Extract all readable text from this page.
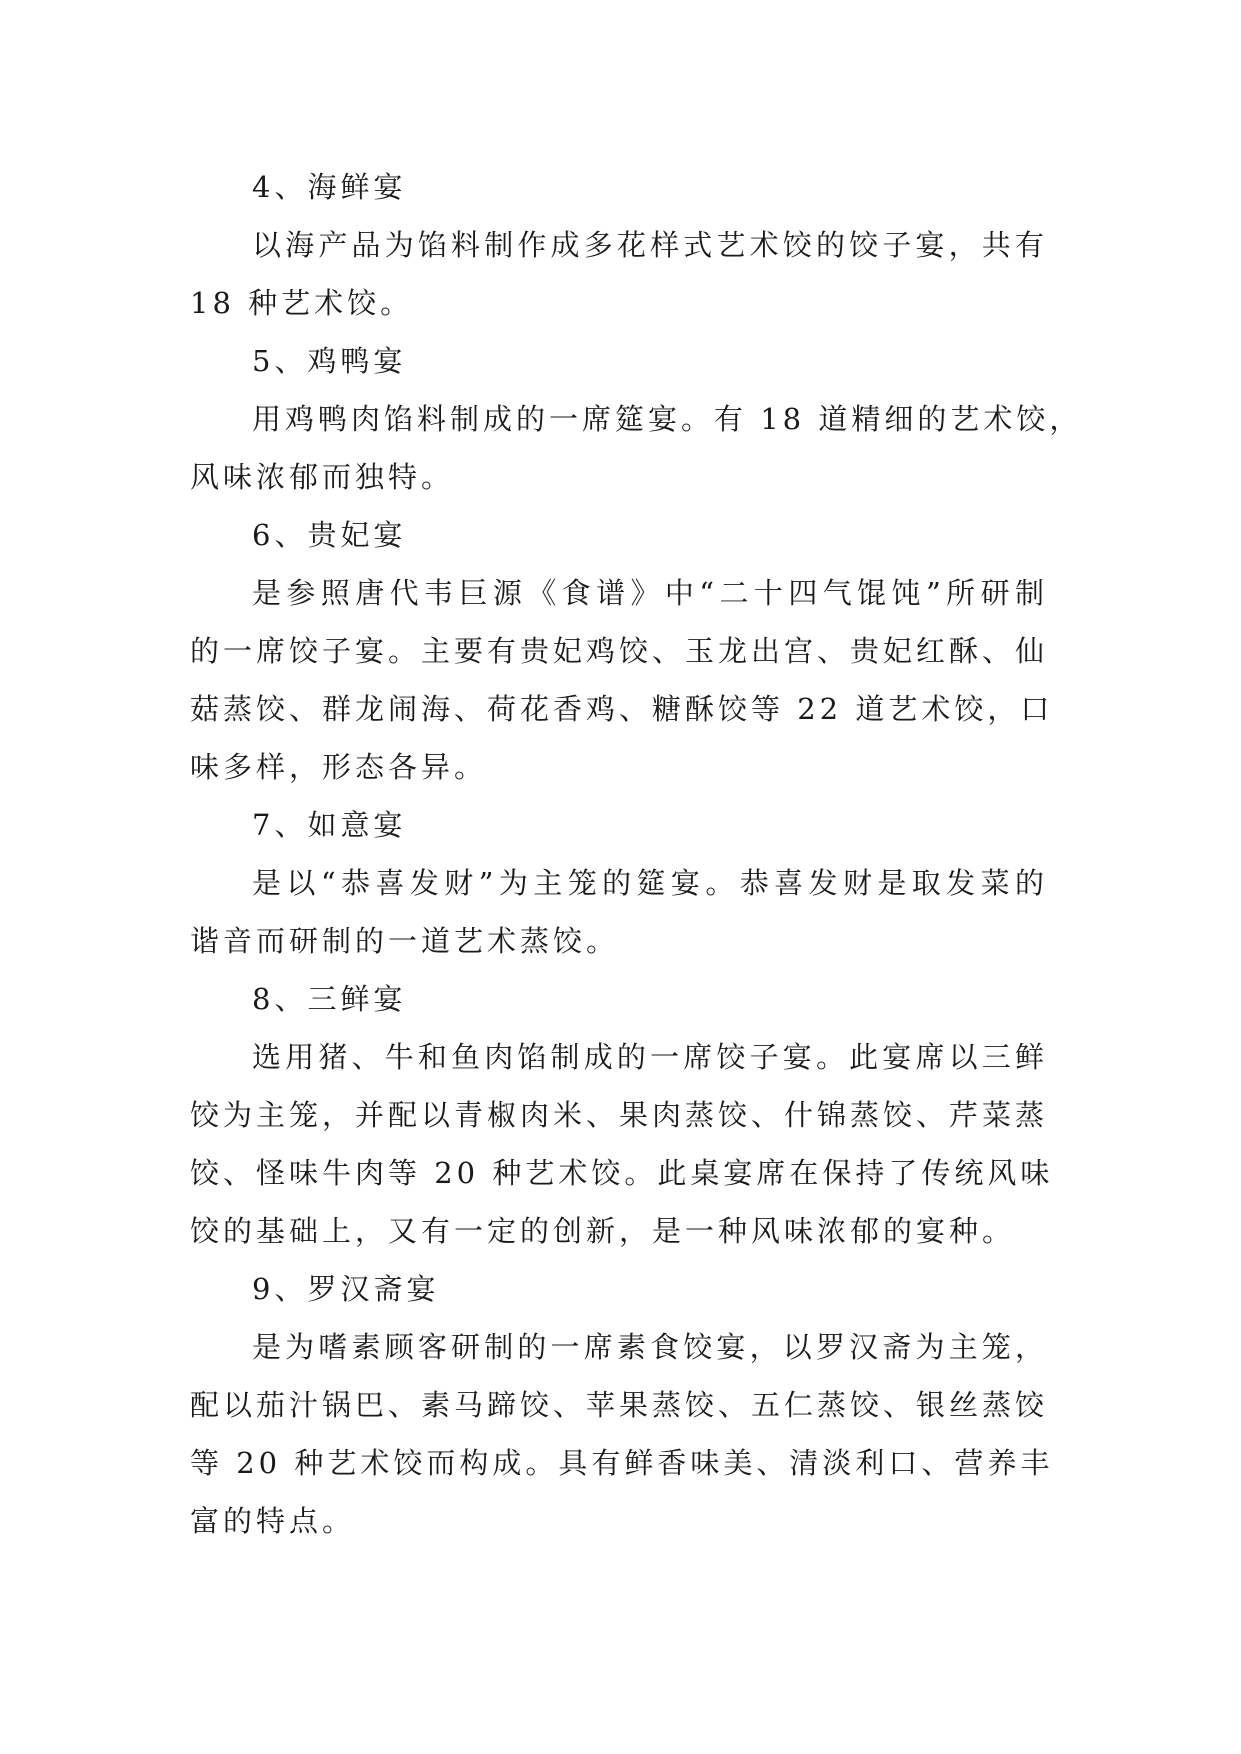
4、海鲜宴
以海产品为馅料制作成多花样式艺术饺的饺子宴，共有
18 种艺术饺。
5、鸡鸭宴
用鸡鸭肉馅料制成的一席筵宴。有 18 道精细的艺术饺，
风味浓郁而独特。
6、贵妃宴
是参照唐代韦巨源《食谱》中“二十四气馄饨”所研制
的一席饺子宴。主要有贵妃鸡饺、玉龙出宫、贵妃红酥、仙
菇蒸饺、群龙闹海、荷花香鸡、糖酥饺等 22 道艺术饺，口
味多样，形态各异。
7、如意宴
是以“恭喜发财”为主笼的筵宴。恭喜发财是取发菜的
谐音而研制的一道艺术蒸饺。
8、三鲜宴
选用猪、牛和鱼肉馅制成的一席饺子宴。此宴席以三鲜
饺为主笼，并配以青椒肉米、果肉蒸饺、什锦蒸饺、芹菜蒸
饺、怪味牛肉等 20 种艺术饺。此桌宴席在保持了传统风味
饺的基础上，又有一定的创新，是一种风味浓郁的宴种。
9、罗汉斋宴
是为嗜素顾客研制的一席素食饺宴，以罗汉斋为主笼，
配以茄汁锅巴、素马蹄饺、苹果蒸饺、五仁蒸饺、银丝蒸饺
等 20 种艺术饺而构成。具有鲜香味美、清淡利口、营养丰
富的特点。
